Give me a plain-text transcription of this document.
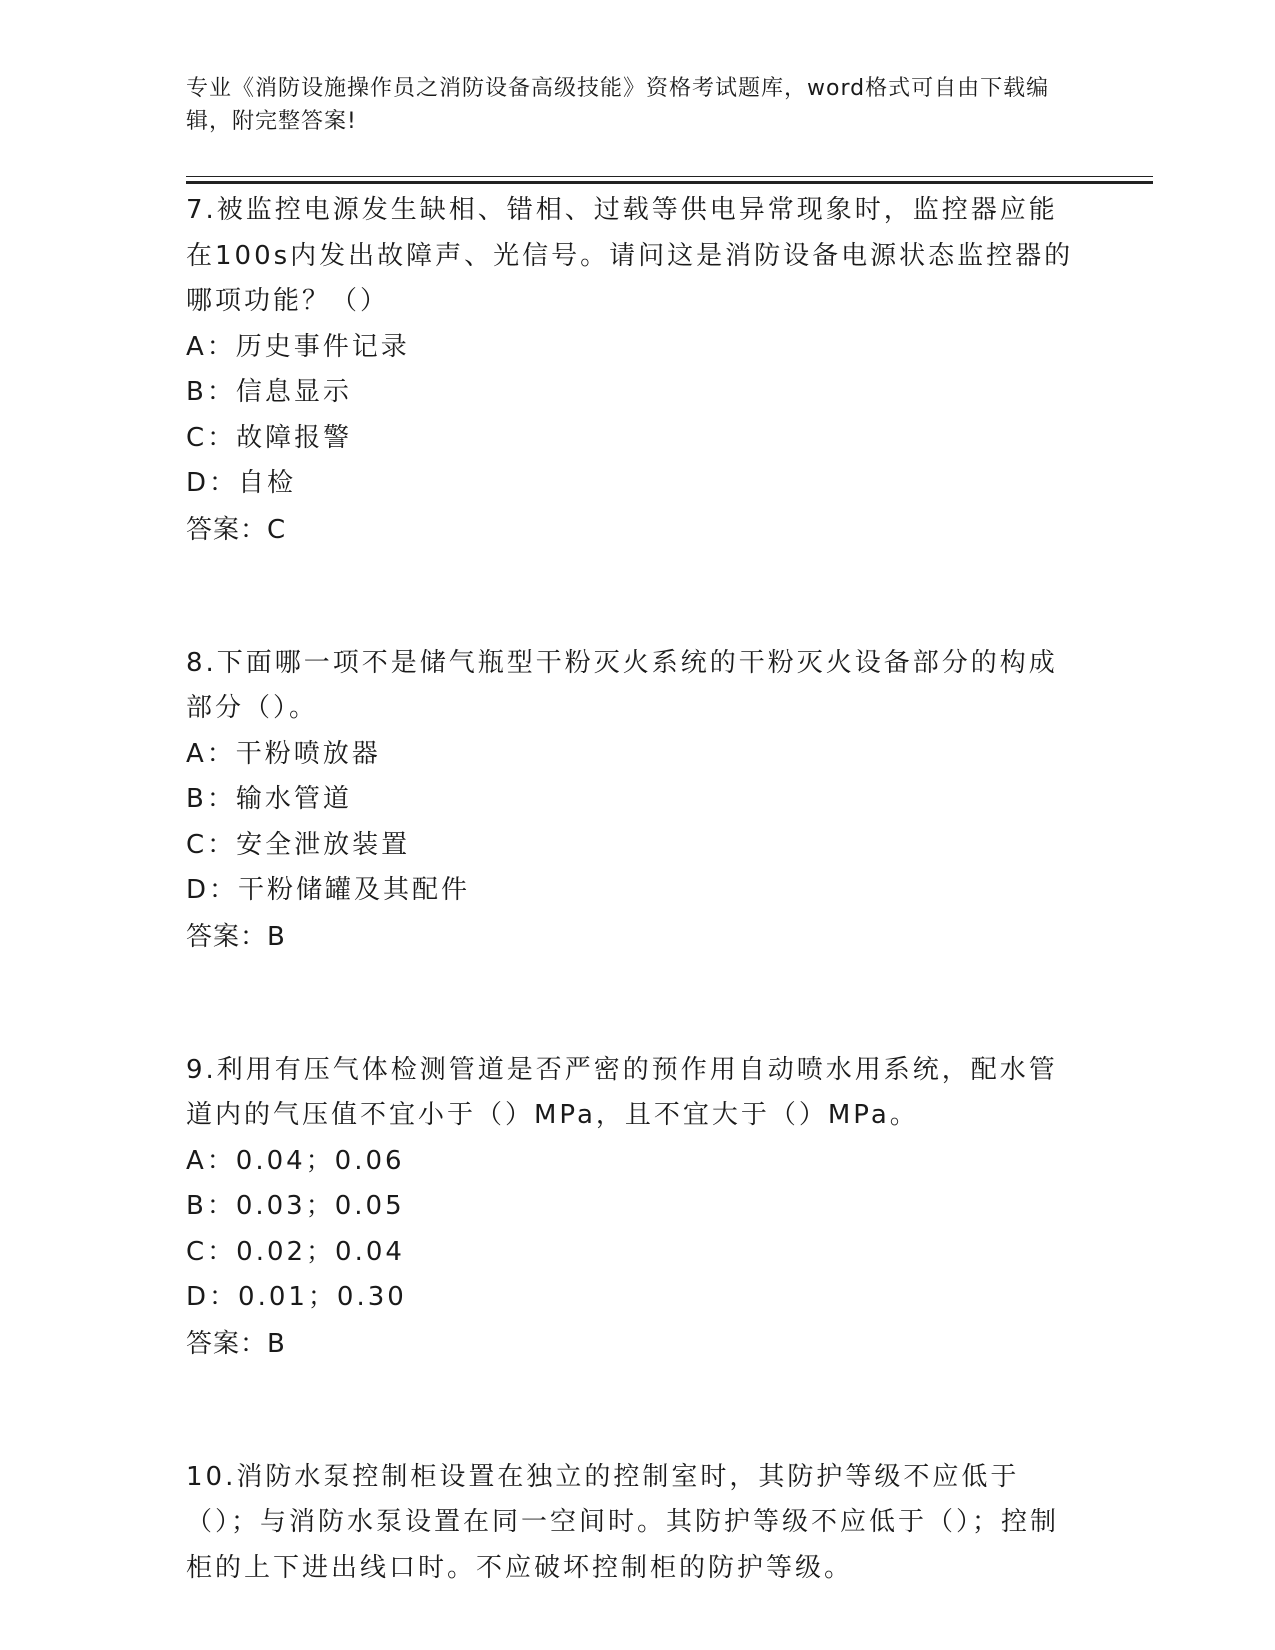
专业《消防设施操作员之消防设备高级技能》资格考试题库，word格式可自由下载编辑，附完整答案!

7.被监控电源发生缺相、错相、过载等供电异常现象时，监控器应能在100s内发出故障声、光信号。请问这是消防设备电源状态监控器的哪项功能？（）

A：历史事件记录

B：信息显示

C：故障报警

D：自检

答案：C

8.下面哪一项不是储气瓶型干粉灭火系统的干粉灭火设备部分的构成部分（）。

A：干粉喷放器

B：输水管道

C：安全泄放装置

D：干粉储罐及其配件

答案：B

9.利用有压气体检测管道是否严密的预作用自动喷水用系统，配水管道内的气压值不宜小于（）MPa，且不宜大于（）MPa。

A：0.04；0.06

B：0.03；0.05

C：0.02；0.04

D：0.01；0.30

答案：B

10.消防水泵控制柜设置在独立的控制室时，其防护等级不应低于（）；与消防水泵设置在同一空间时。其防护等级不应低于（）；控制柜的上下进出线口时。不应破坏控制柜的防护等级。
